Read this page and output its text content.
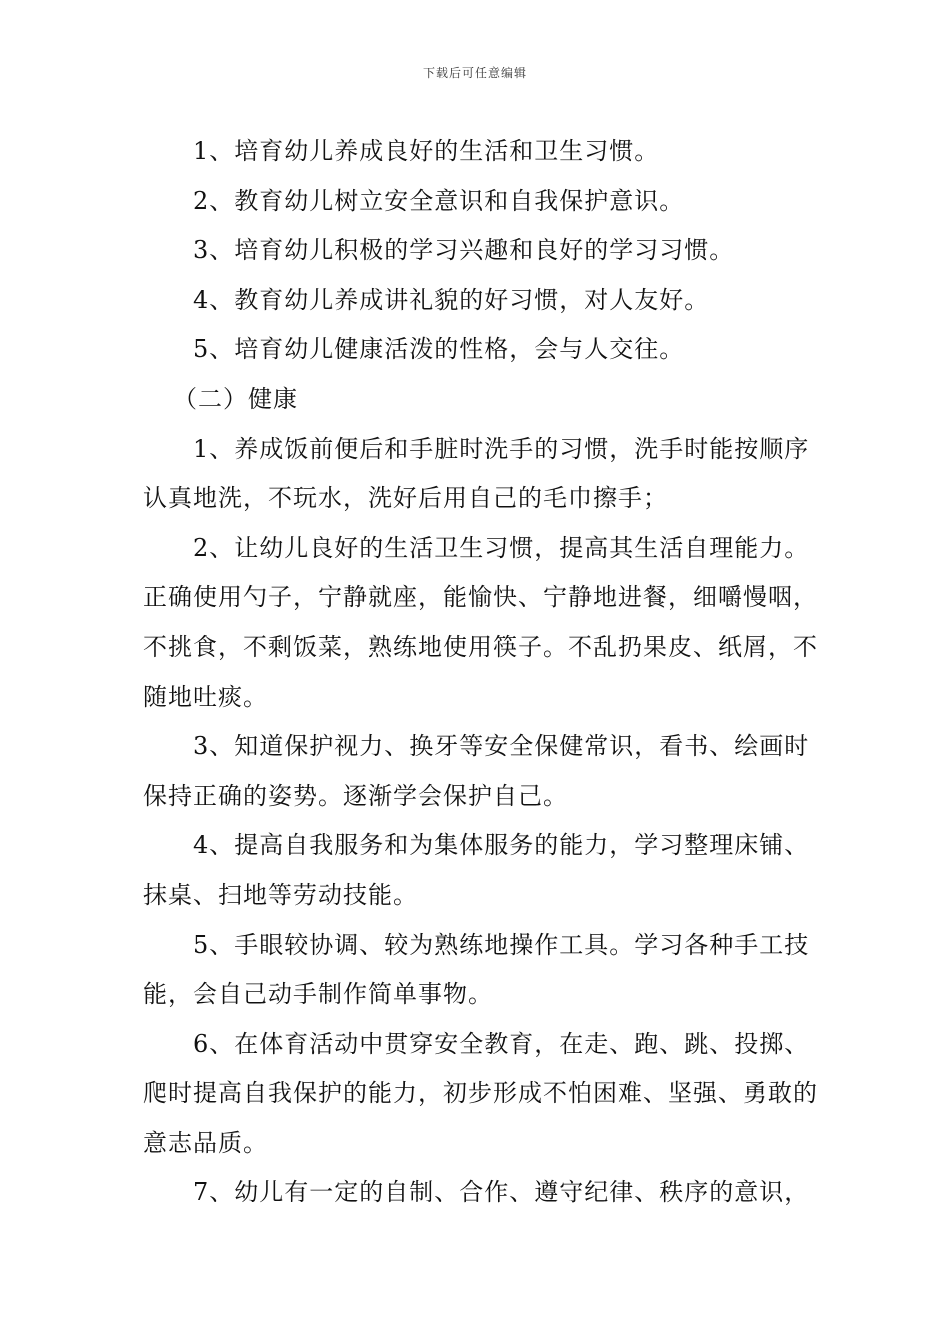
下载后可任意编辑

1、培育幼儿养成良好的生活和卫生习惯。

2、教育幼儿树立安全意识和自我保护意识。

3、培育幼儿积极的学习兴趣和良好的学习习惯。

4、教育幼儿养成讲礼貌的好习惯，对人友好。

5、培育幼儿健康活泼的性格，会与人交往。

（二）健康

1、养成饭前便后和手脏时洗手的习惯，洗手时能按顺序认真地洗，不玩水，洗好后用自己的毛巾擦手；

2、让幼儿良好的生活卫生习惯，提高其生活自理能力。正确使用勺子，宁静就座，能愉快、宁静地进餐，细嚼慢咽，不挑食，不剩饭菜，熟练地使用筷子。不乱扔果皮、纸屑，不随地吐痰。

3、知道保护视力、换牙等安全保健常识，看书、绘画时保持正确的姿势。逐渐学会保护自己。

4、提高自我服务和为集体服务的能力，学习整理床铺、抹桌、扫地等劳动技能。

5、手眼较协调、较为熟练地操作工具。学习各种手工技能，会自己动手制作简单事物。

6、在体育活动中贯穿安全教育，在走、跑、跳、投掷、爬时提高自我保护的能力，初步形成不怕困难、坚强、勇敢的意志品质。

7、幼儿有一定的自制、合作、遵守纪律、秩序的意识，
